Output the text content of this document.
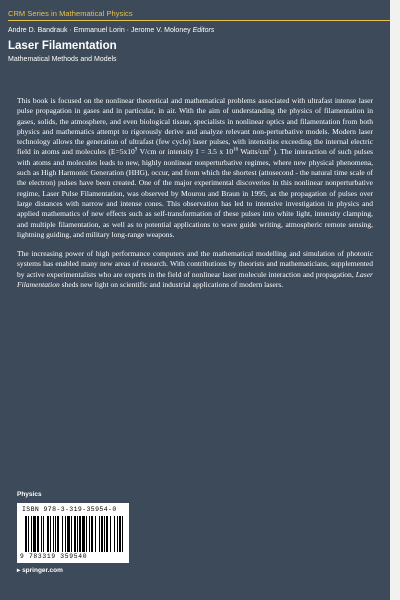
CRM Series in Mathematical Physics
Andre D. Bandrauk · Emmanuel Lorin · Jerome V. Moloney Editors
Laser Filamentation
Mathematical Methods and Models

This book is focused on the nonlinear theoretical and mathematical problems associated with ultrafast intense laser pulse propagation in gases and in particular, in air. With the aim of understanding the physics of filamentation in gases, solids, the atmosphere, and even biological tissue, specialists in nonlinear optics and filamentation from both physics and mathematics attempt to rigorously derive and analyze relevant non-perturbative models. Modern laser technology allows the generation of ultrafast (few cycle) laser pulses, with intensities exceeding the internal electric field in atoms and molecules ($E=5x10^9$ V/cm or intensity I = 3.5 x $10^{16}$ Watts/$cm^2$ ). The interaction of such pulses with atoms and molecules leads to new, highly nonlinear nonperturbative regimes, where new physical phenomena, such as High Harmonic Generation (HHG), occur, and from which the shortest (attosecond - the natural time scale of the electron) pulses have been created. One of the major experimental discoveries in this nonlinear nonperturbative regime, Laser Pulse Filamentation, was observed by Mourou and Braun in 1995, as the propagation of pulses over large distances with narrow and intense cones. This observation has led to intensive investigation in physics and applied mathematics of new effects such as self-transformation of these pulses into white light, intensity clamping, and multiple filamentation, as well as to potential applications to wave guide writing, atmospheric remote sensing, lightning guiding, and military long-range weapons.

The increasing power of high performance computers and the mathematical modelling and simulation of photonic systems has enabled many new areas of research. With contributions by theorists and mathematicians, supplemented by active experimentalists who are experts in the field of nonlinear laser molecule interaction and propagation, Laser Filamentation sheds new light on scientific and industrial applications of modern lasers.

Physics
ISBN 978-3-319-35954-0
9 783319 359540
▸ springer.com
